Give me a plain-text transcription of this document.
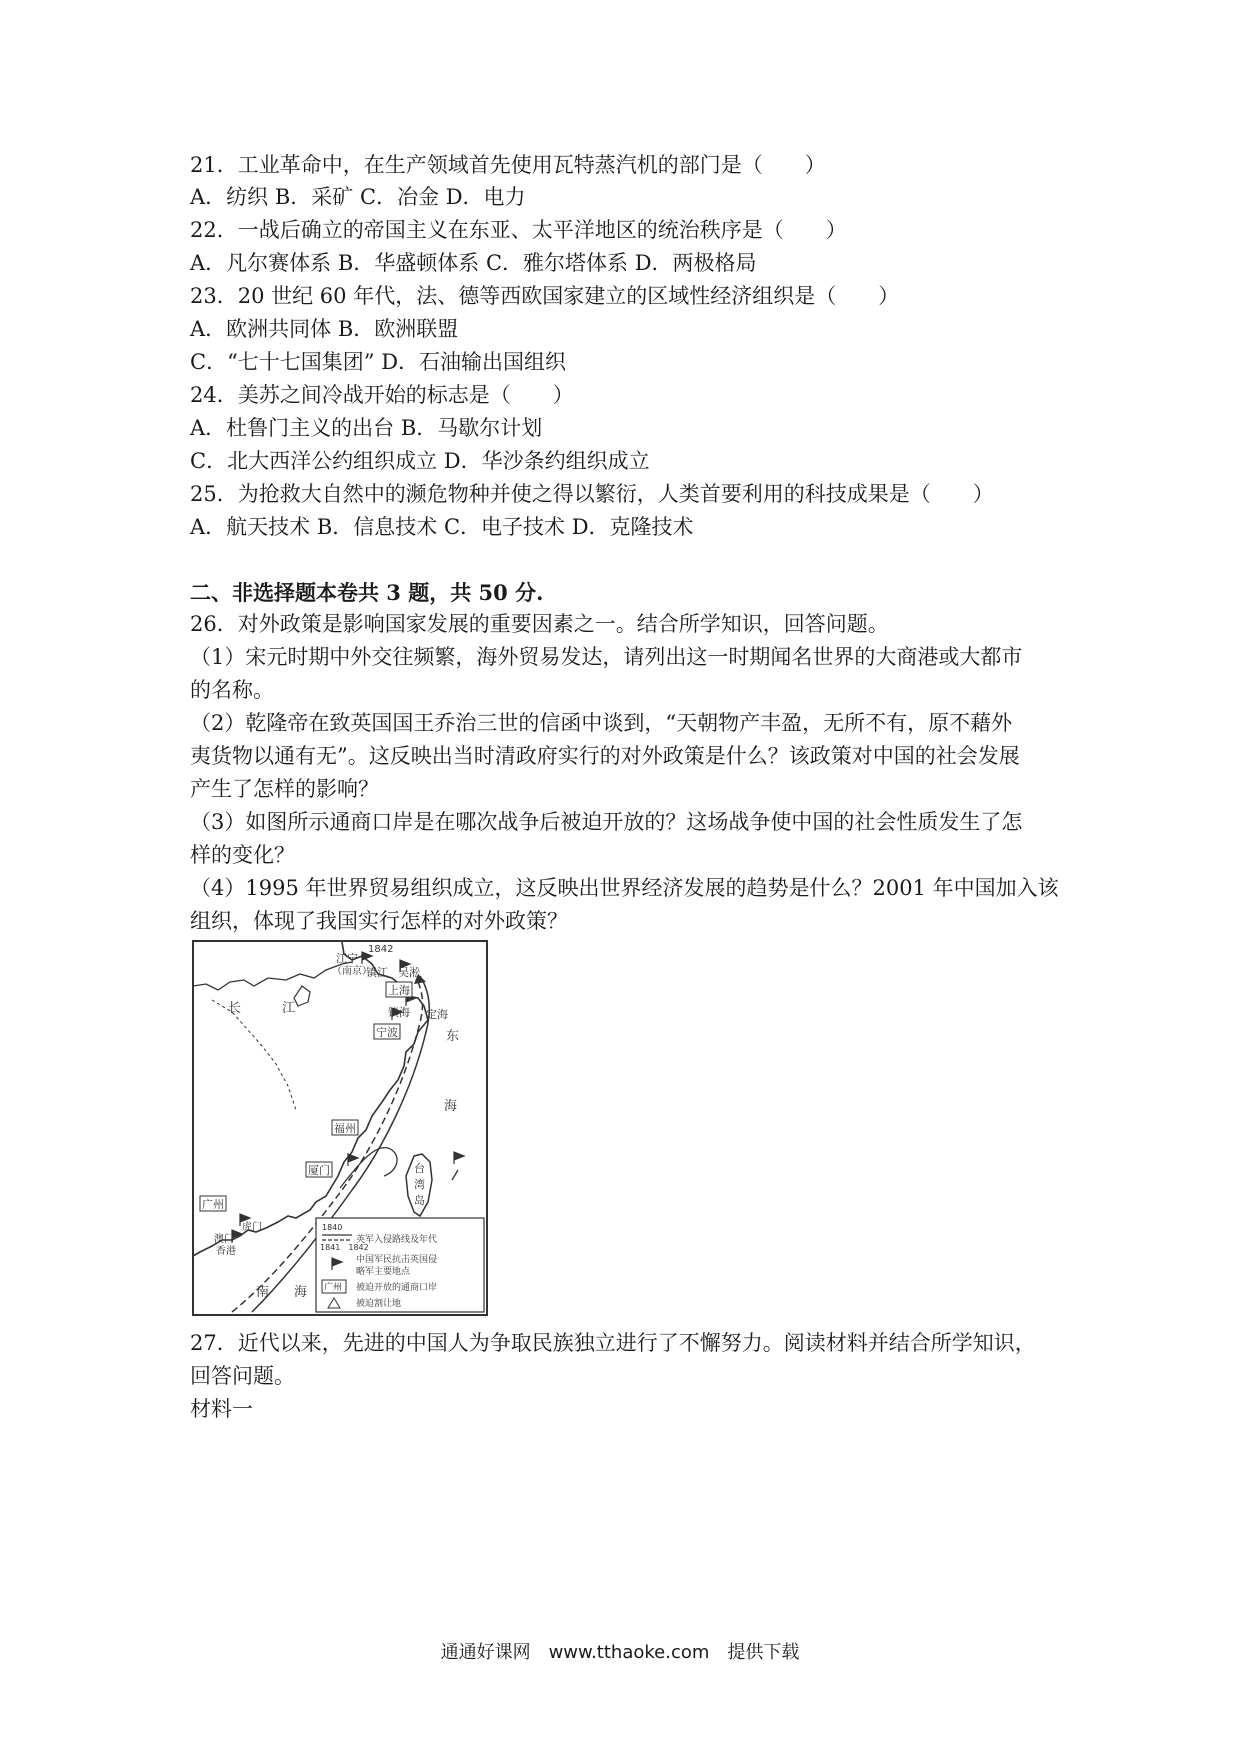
21．工业革命中，在生产领域首先使用瓦特蒸汽机的部门是（　　）
A．纺织 B．采矿 C．冶金 D．电力
22．一战后确立的帝国主义在东亚、太平洋地区的统治秩序是（　　）
A．凡尔赛体系 B．华盛顿体系 C．雅尔塔体系 D．两极格局
23．20 世纪 60 年代，法、德等西欧国家建立的区域性经济组织是（　　）
A．欧洲共同体 B．欧洲联盟
C．“七十七国集团” D．石油输出国组织
24．美苏之间冷战开始的标志是（　　）
A．杜鲁门主义的出台 B．马歇尔计划
C．北大西洋公约组织成立 D．华沙条约组织成立
25．为抢救大自然中的濒危物种并使之得以繁衍，人类首要利用的科技成果是（　　）
A．航天技术 B．信息技术 C．电子技术 D．克隆技术
二、非选择题本卷共 3 题，共 50 分.
26．对外政策是影响国家发展的重要因素之一。结合所学知识，回答问题。
（1）宋元时期中外交往频繁，海外贸易发达，请列出这一时期闻名世界的大商港或大都市
的名称。
（2）乾隆帝在致英国国王乔治三世的信函中谈到，“天朝物产丰盈，无所不有，原不藉外
夷货物以通有无”。这反映出当时清政府实行的对外政策是什么？该政策对中国的社会发展
产生了怎样的影响？
（3）如图所示通商口岸是在哪次战争后被迫开放的？这场战争使中国的社会性质发生了怎
样的变化？
（4）1995 年世界贸易组织成立，这反映出世界经济发展的趋势是什么？2001 年中国加入该
组织，体现了我国实行怎样的对外政策？
1842
江宁
（南京）
镇江 吴淞
上海
镇海 定海
宁波
福州
厦门
广州
虎门
澳门
香港
长	江
东
海
南 海
台
湾
岛
1840
1841　1842
英军入侵路线及年代
中国军民抗击英国侵
略军主要地点
广州 被迫开放的通商口岸
被迫割让地
27．近代以来，先进的中国人为争取民族独立进行了不懈努力。阅读材料并结合所学知识，
回答问题。
材料一
通通好课网　www.tthaoke.com　提供下载
